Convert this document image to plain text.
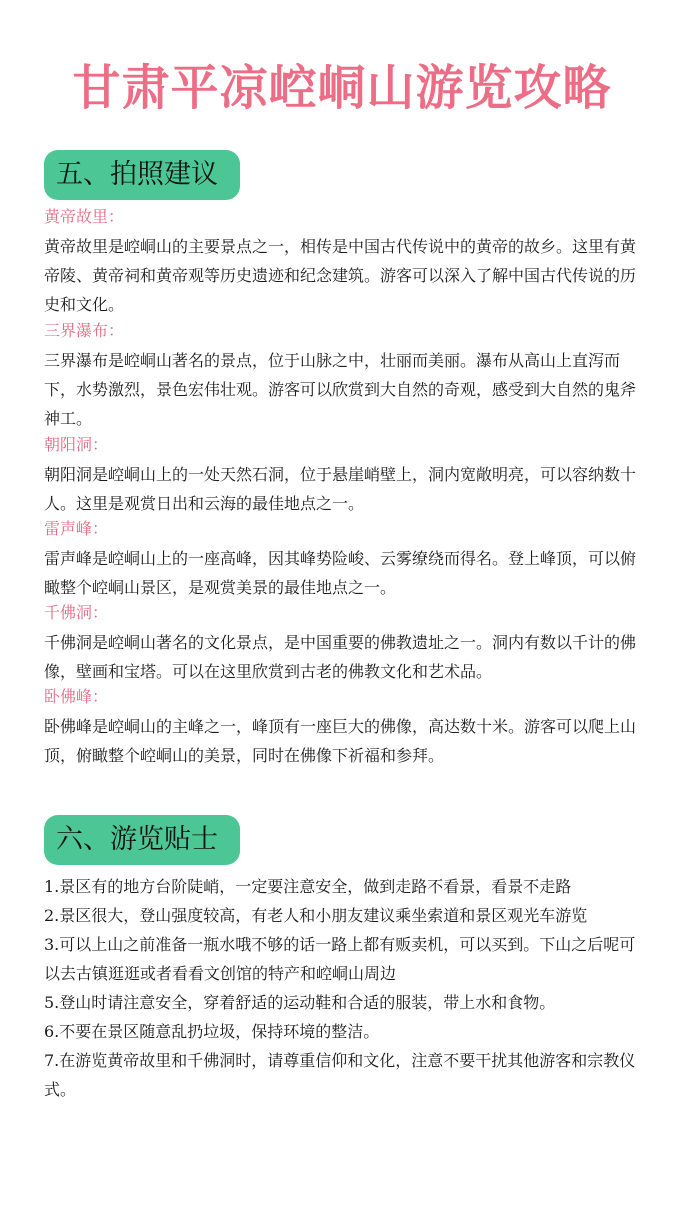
甘肃平凉崆峒山游览攻略
五、拍照建议
黄帝故里：

黄帝故里是崆峒山的主要景点之一，相传是中国古代传说中的黄帝的故乡。这里有黄帝陵、黄帝祠和黄帝观等历史遗迹和纪念建筑。游客可以深入了解中国古代传说的历史和文化。

三界瀑布：

三界瀑布是崆峒山著名的景点，位于山脉之中，壮丽而美丽。瀑布从高山上直泻而下，水势激烈，景色宏伟壮观。游客可以欣赏到大自然的奇观，感受到大自然的鬼斧神工。

朝阳洞：

朝阳洞是崆峒山上的一处天然石洞，位于悬崖峭壁上，洞内宽敞明亮，可以容纳数十人。这里是观赏日出和云海的最佳地点之一。

雷声峰：

雷声峰是崆峒山上的一座高峰，因其峰势险峻、云雾缭绕而得名。登上峰顶，可以俯瞰整个崆峒山景区，是观赏美景的最佳地点之一。

千佛洞：

千佛洞是崆峒山著名的文化景点，是中国重要的佛教遗址之一。洞内有数以千计的佛像，壁画和宝塔。可以在这里欣赏到古老的佛教文化和艺术品。

卧佛峰：

卧佛峰是崆峒山的主峰之一，峰顶有一座巨大的佛像，高达数十米。游客可以爬上山顶，俯瞰整个崆峒山的美景，同时在佛像下祈福和参拜。

六、游览贴士

1.景区有的地方台阶陡峭，一定要注意安全，做到走路不看景，看景不走路

2.景区很大，登山强度较高，有老人和小朋友建议乘坐索道和景区观光车游览

3.可以上山之前准备一瓶水哦不够的话一路上都有贩卖机，可以买到。下山之后呢可以去古镇逛逛或者看看文创馆的特产和崆峒山周边

5.登山时请注意安全，穿着舒适的运动鞋和合适的服装，带上水和食物。

6.不要在景区随意乱扔垃圾，保持环境的整洁。

7.在游览黄帝故里和千佛洞时，请尊重信仰和文化，注意不要干扰其他游客和宗教仪式。
